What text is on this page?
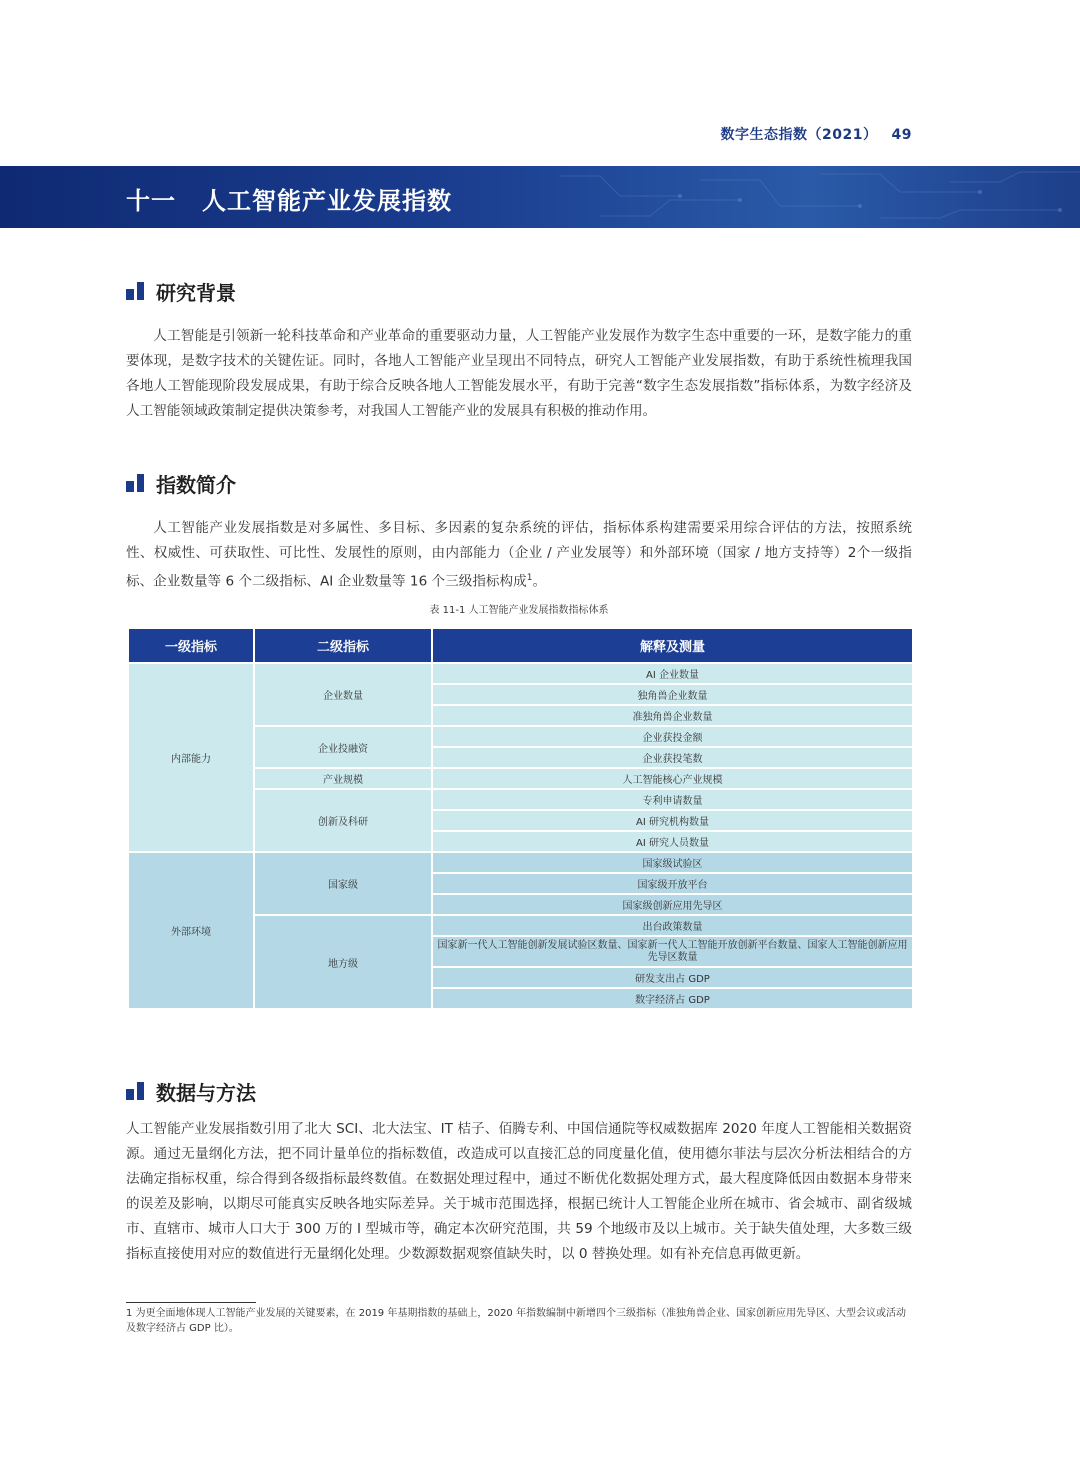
数字生态指数（2021） 49
十一 人工智能产业发展指数
研究背景

人工智能是引领新一轮科技革命和产业革命的重要驱动力量，人工智能产业发展作为数字生态中重要的一环，是数字能力的重要体现，是数字技术的关键佐证。同时，各地人工智能产业呈现出不同特点，研究人工智能产业发展指数，有助于系统性梳理我国各地人工智能现阶段发展成果，有助于综合反映各地人工智能发展水平，有助于完善“数字生态发展指数”指标体系，为数字经济及人工智能领域政策制定提供决策参考，对我国人工智能产业的发展具有积极的推动作用。

指数简介

人工智能产业发展指数是对多属性、多目标、多因素的复杂系统的评估，指标体系构建需要采用综合评估的方法，按照系统性、权威性、可获取性、可比性、发展性的原则，由内部能力（企业 / 产业发展等）和外部环境（国家 / 地方支持等）2个一级指标、企业数量等 6 个二级指标、AI 企业数量等 16 个三级指标构成$^1$。

表 11-1 人工智能产业发展指数指标体系
一级指标	二级指标	解释及测量
内部能力	企业数量	AI 企业数量
		独角兽企业数量
		准独角兽企业数量
	企业投融资	企业获投金额
		企业获投笔数
	产业规模	人工智能核心产业规模
	创新及科研	专利申请数量
		AI 研究机构数量
		AI 研究人员数量
外部环境	国家级	国家级试验区
		国家级开放平台
		国家级创新应用先导区
	地方级	出台政策数量
		国家新一代人工智能创新发展试验区数量、国家新一代人工智能开放创新平台数量、国家人工智能创新应用先导区数量
		研发支出占 GDP
		数字经济占 GDP
数据与方法

人工智能产业发展指数引用了北大 SCI、北大法宝、IT 桔子、佰腾专利、中国信通院等权威数据库 2020 年度人工智能相关数据资源。通过无量纲化方法，把不同计量单位的指标数值，改造成可以直接汇总的同度量化值，使用德尔菲法与层次分析法相结合的方法确定指标权重，综合得到各级指标最终数值。在数据处理过程中，通过不断优化数据处理方式，最大程度降低因由数据本身带来的误差及影响，以期尽可能真实反映各地实际差异。关于城市范围选择，根据已统计人工智能企业所在城市、省会城市、副省级城市、直辖市、城市人口大于 300 万的 I 型城市等，确定本次研究范围，共 59 个地级市及以上城市。关于缺失值处理，大多数三级指标直接使用对应的数值进行无量纲化处理。少数源数据观察值缺失时，以 0 替换处理。如有补充信息再做更新。

1 为更全面地体现人工智能产业发展的关键要素，在 2019 年基期指数的基础上，2020 年指数编制中新增四个三级指标（准独角兽企业、国家创新应用先导区、大型会议或活动及数字经济占 GDP 比）。
